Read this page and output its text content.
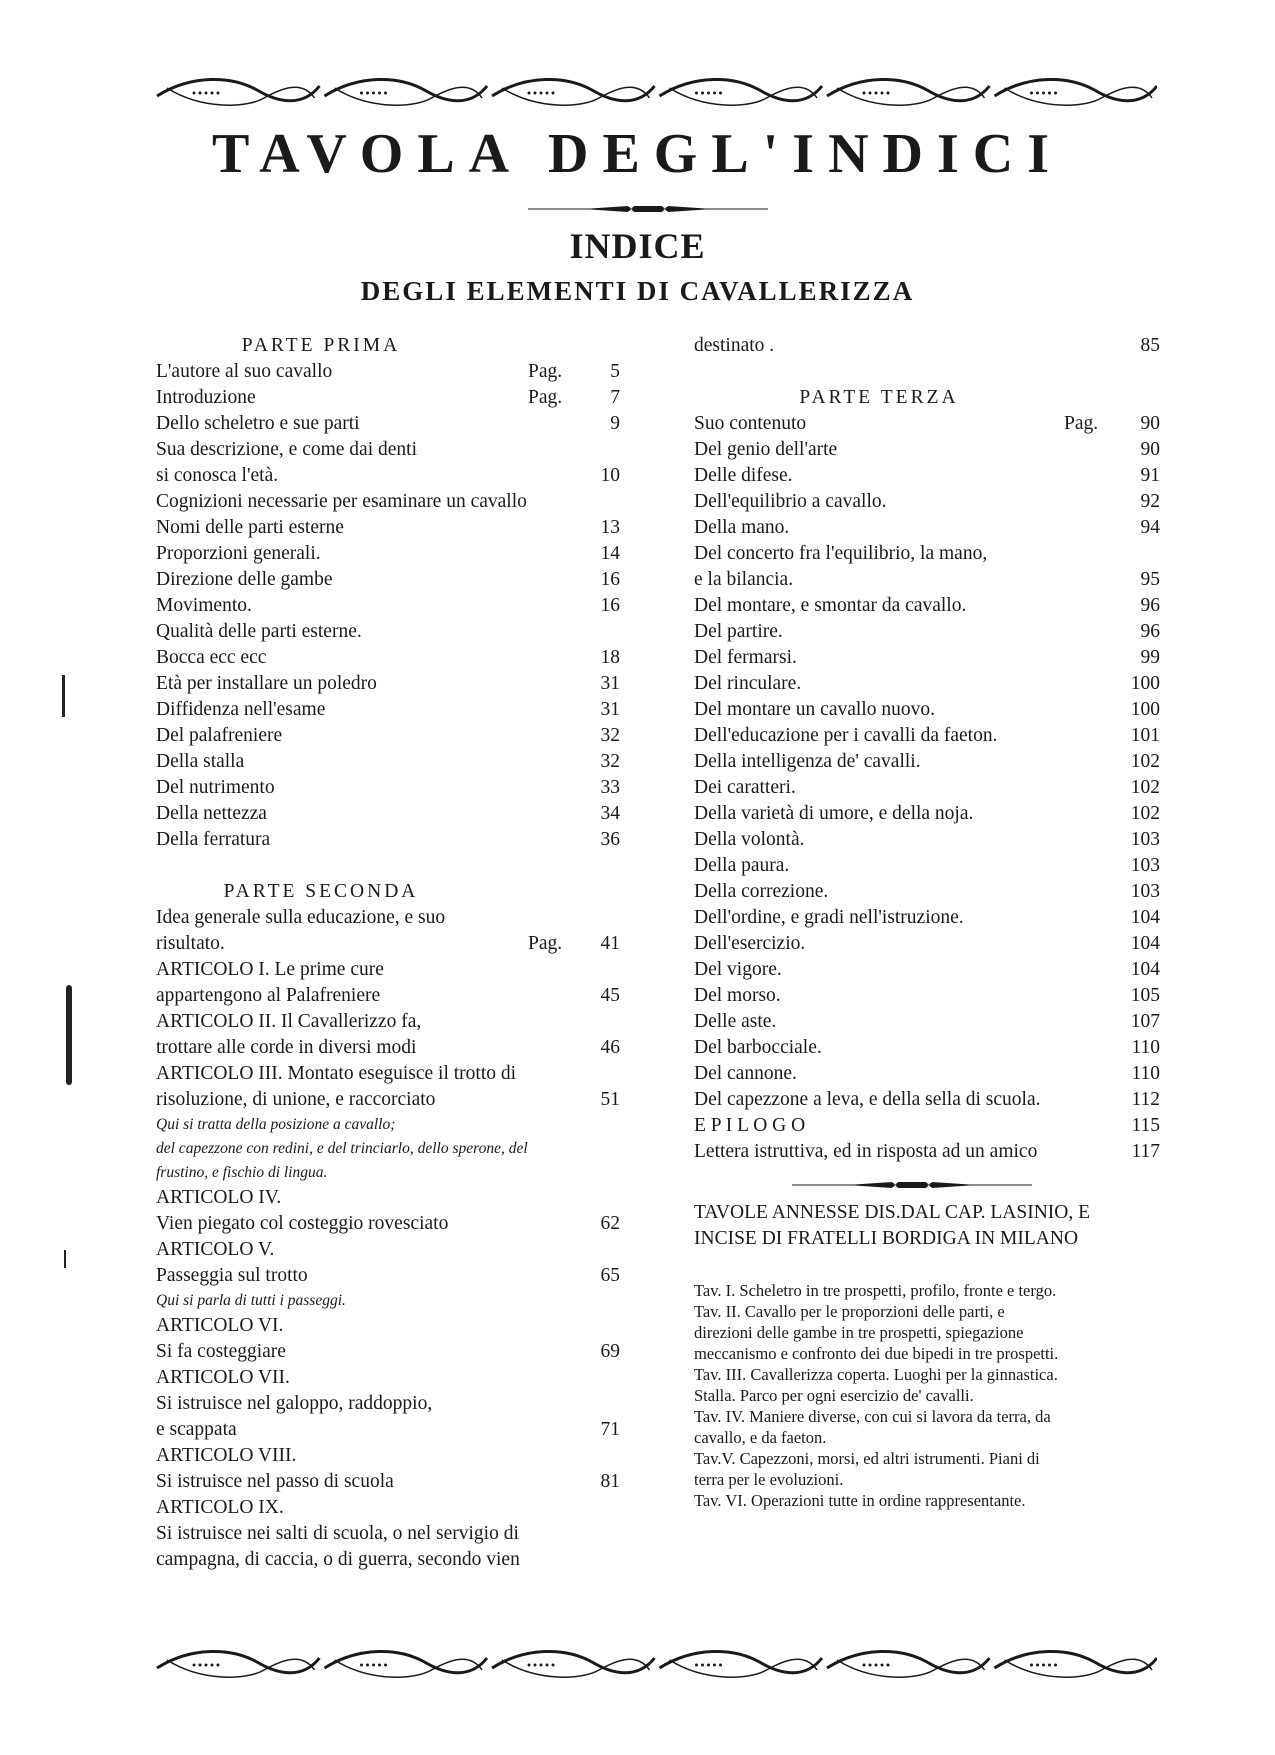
TAVOLA DEGL'INDICI
INDICE
DEGLI ELEMENTI DI CAVALLERIZZA
PARTE PRIMA
L'autore al suo cavallo	Pag. 5
Introduzione	Pag. 7
Dello scheletro e sue parti	9
Sua descrizione, e come dai denti
si conosca l'età.	10
Cognizioni necessarie per esaminare un cavallo
Nomi delle parti esterne	13
Proporzioni generali.	14
Direzione delle gambe	16
Movimento.	16
Qualità delle parti esterne.
Bocca ecc ecc	18
Età per installare un poledro	31
Diffidenza nell'esame	31
Del palafreniere	32
Della stalla	32
Del nutrimento	33
Della nettezza	34
Della ferratura	36
PARTE SECONDA
Idea generale sulla educazione, e suo
risultato.	Pag. 41
ARTICOLO I. Le prime cure
appartengono al Palafreniere	45
ARTICOLO II. Il Cavallerizzo fa,
trottare alle corde in diversi modi	46
ARTICOLO III. Montato eseguisce il trotto di
risoluzione, di unione, e raccorciato	51
Qui si tratta della posizione a cavallo;
del capezzone con redini, e del trinciarlo, dello sperone, del
frustino, e fischio di lingua.
ARTICOLO IV.
Vien piegato col costeggio rovesciato	62
ARTICOLO V.
Passeggia sul trotto	65
Qui si parla di tutti i passeggi.
ARTICOLO VI.
Si fa costeggiare	69
ARTICOLO VII.
Si istruisce nel galoppo, raddoppio,
e scappata	71
ARTICOLO VIII.
Si istruisce nel passo di scuola	81
ARTICOLO IX.
Si istruisce nei salti di scuola, o nel servigio di
campagna, di caccia, o di guerra, secondo vien
destinato .	85
PARTE TERZA
Suo contenuto	Pag. 90
Del genio dell'arte	90
Delle difese.	91
Dell'equilibrio a cavallo.	92
Della mano.	94
Del concerto fra l'equilibrio, la mano,
e la bilancia.	95
Del montare, e smontar da cavallo.	96
Del partire.	96
Del fermarsi.	99
Del rinculare.	100
Del montare un cavallo nuovo.	100
Dell'educazione per i cavalli da faeton.	101
Della intelligenza de' cavalli.	102
Dei caratteri.	102
Della varietà di umore, e della noja.	102
Della volontà.	103
Della paura.	103
Della correzione.	103
Dell'ordine, e gradi nell'istruzione.	104
Dell'esercizio.	104
Del vigore.	104
Del morso.	105
Delle aste.	107
Del barbocciale.	110
Del cannone.	110
Del capezzone a leva, e della sella di scuola.	112
E P I L O G O	115
Lettera istruttiva, ed in risposta ad un amico	117
TAVOLE ANNESSE DIS.DAL CAP. LASINIO, E
INCISE DI FRATELLI BORDIGA IN MILANO
Tav. I. Scheletro in tre prospetti, profilo, fronte e tergo.
Tav. II. Cavallo per le proporzioni delle parti, e
direzioni delle gambe in tre prospetti, spiegazione
meccanismo e confronto dei due bipedi in tre prospetti.
Tav. III. Cavallerizza coperta. Luoghi per la ginnastica.
Stalla. Parco per ogni esercizio de' cavalli.
Tav. IV. Maniere diverse, con cui si lavora da terra, da
cavallo, e da faeton.
Tav.V. Capezzoni, morsi, ed altri istrumenti. Piani di
terra per le evoluzioni.
Tav. VI. Operazioni tutte in ordine rappresentante.
